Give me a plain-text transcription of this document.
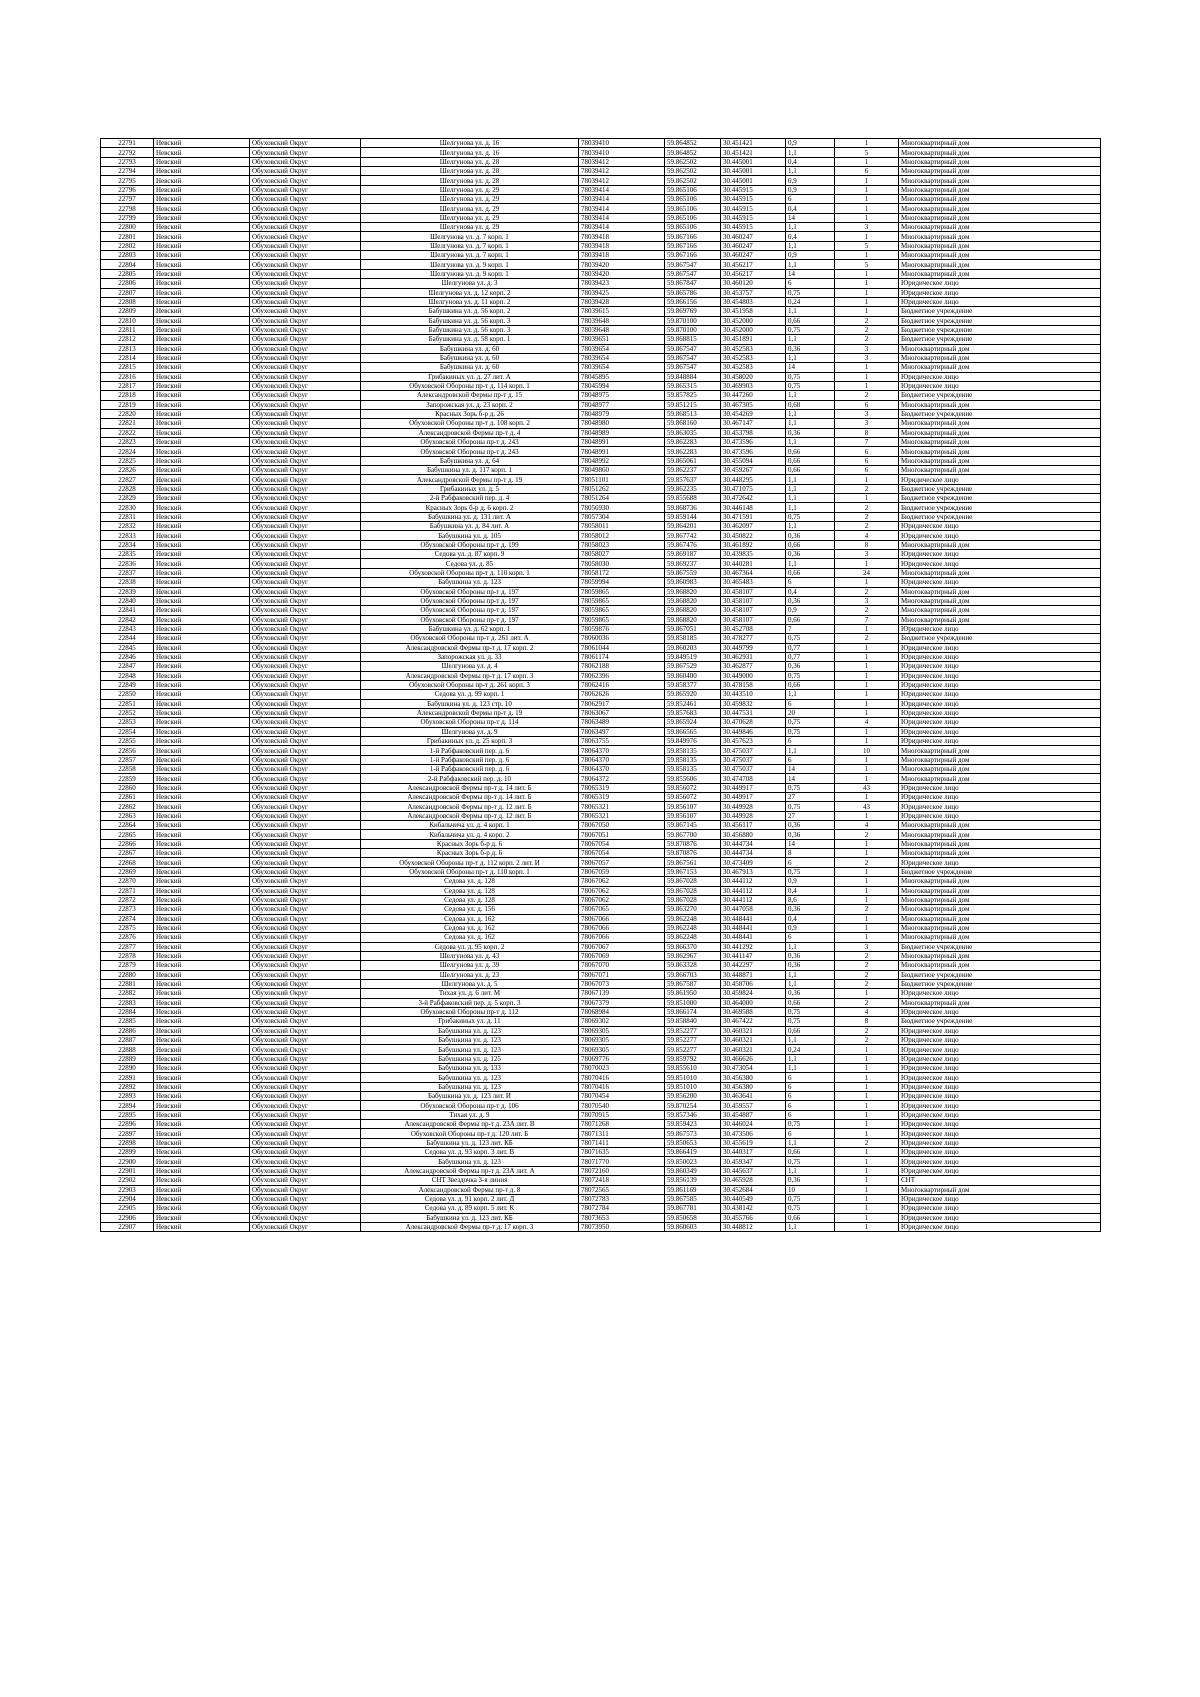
22791	Невский	Обуховский Округ	Шелгунова ул. д. 16	78039410	59.864852	30.451421	0,9	1	Многоквартирный дом
22792	Невский	Обуховский Округ	Шелгунова ул. д. 16	78039410	59.864852	30.451421	1,1	5	Многоквартирный дом
22793	Невский	Обуховский Округ	Шелгунова ул. д. 28	78039412	59.862502	30.445001	0,4	1	Многоквартирный дом
22794	Невский	Обуховский Округ	Шелгунова ул. д. 28	78039412	59.862502	30.445001	1,1	6	Многоквартирный дом
22795	Невский	Обуховский Округ	Шелгунова ул. д. 28	78039412	59.862502	30.445001	0,9	1	Многоквартирный дом
22796	Невский	Обуховский Округ	Шелгунова ул. д. 29	78039414	59.865106	30.445915	0,9	1	Многоквартирный дом
22797	Невский	Обуховский Округ	Шелгунова ул. д. 29	78039414	59.865106	30.445915	6	1	Многоквартирный дом
22798	Невский	Обуховский Округ	Шелгунова ул. д. 29	78039414	59.865106	30.445915	0,4	1	Многоквартирный дом
22799	Невский	Обуховский Округ	Шелгунова ул. д. 29	78039414	59.865106	30.445915	14	1	Многоквартирный дом
22800	Невский	Обуховский Округ	Шелгунова ул. д. 29	78039414	59.865106	30.445915	1,1	3	Многоквартирный дом
22801	Невский	Обуховский Округ	Шелгунова ул. д. 7 корп. 1	78039418	59.867166	30.460247	0,4	1	Многоквартирный дом
22802	Невский	Обуховский Округ	Шелгунова ул. д. 7 корп. 1	78039418	59.867166	30.460247	1,1	5	Многоквартирный дом
22803	Невский	Обуховский Округ	Шелгунова ул. д. 7 корп. 1	78039418	59.867166	30.460247	0,9	1	Многоквартирный дом
22804	Невский	Обуховский Округ	Шелгунова ул. д. 9 корп. 1	78039420	59.867547	30.456217	1,1	5	Многоквартирный дом
22805	Невский	Обуховский Округ	Шелгунова ул. д. 9 корп. 1	78039420	59.867547	30.456217	14	1	Многоквартирный дом
22806	Невский	Обуховский Округ	Шелгунова ул. д. 3	78039423	59.867847	30.460120	6	1	Юридическое лицо
22807	Невский	Обуховский Округ	Шелгунова ул. д. 12 корп. 2	78039425	59.865786	30.453757	0,75	1	Юридическое лицо
22808	Невский	Обуховский Округ	Шелгунова ул. д. 11 корп. 2	78039428	59.866156	30.454803	0,24	1	Юридическое лицо
22809	Невский	Обуховский Округ	Бабушкина ул. д. 56 корп. 2	78039615	59.869769	30.451958	1,1	1	Бюджетное учреждение
22810	Невский	Обуховский Округ	Бабушкина ул. д. 56 корп. 3	78039648	59.870100	30.452000	0,66	2	Бюджетное учреждение
22811	Невский	Обуховский Округ	Бабушкина ул. д. 56 корп. 3	78039648	59.870100	30.452000	0,75	2	Бюджетное учреждение
22812	Невский	Обуховский Округ	Бабушкина ул. д. 58 корп. 1	78039651	59.868815	30.451891	1,1	2	Бюджетное учреждение
22813	Невский	Обуховский Округ	Бабушкина ул. д. 60	78039654	59.867547	30.452583	0,36	3	Многоквартирный дом
22814	Невский	Обуховский Округ	Бабушкина ул. д. 60	78039654	59.867547	30.452583	1,1	3	Многоквартирный дом
22815	Невский	Обуховский Округ	Бабушкина ул. д. 60	78039654	59.867547	30.452583	14	1	Многоквартирный дом
22816	Невский	Обуховский Округ	Грибакиных ул. д. 27 лит. А	78045895	59.848884	30.458020	0,75	1	Юридическое лицо
22817	Невский	Обуховский Округ	Обуховской Обороны пр-т д. 114 корп. 1	78045994	59.865315	30.469903	0,75	1	Юридическое лицо
22818	Невский	Обуховский Округ	Александровской Фермы пр-т д. 15	78048975	59.857825	30.447260	1,1	2	Бюджетное учреждение
22819	Невский	Обуховский Округ	Запорожская ул. д. 23 корп. 2	78048977	59.851215	30.467305	0,68	6	Многоквартирный дом
22820	Невский	Обуховский Округ	Красных Зорь б-р д. 26	78048979	59.868513	30.454269	1,1	3	Бюджетное учреждение
22821	Невский	Обуховский Округ	Обуховской Обороны пр-т д. 108 корп. 2	78048980	59.868160	30.467147	1,1	3	Многоквартирный дом
22822	Невский	Обуховский Округ	Александровской Фермы пр-т д. 4	78048989	59.863035	30.453798	0,36	8	Многоквартирный дом
22823	Невский	Обуховский Округ	Обуховской Обороны пр-т д. 243	78048991	59.862283	30.473596	1,1	7	Многоквартирный дом
22824	Невский	Обуховский Округ	Обуховской Обороны пр-т д. 243	78048991	59.862283	30.473596	0,66	6	Многоквартирный дом
22825	Невский	Обуховский Округ	Бабушкина ул. д. 64	78048992	59.865061	30.455094	0,66	6	Многоквартирный дом
22826	Невский	Обуховский Округ	Бабушкина ул. д. 117 корп. 1	78049860	59.862237	30.459267	0,66	6	Многоквартирный дом
22827	Невский	Обуховский Округ	Александровской Фермы пр-т д. 19	78051101	59.857637	30.448295	1,1	1	Юридическое лицо
22828	Невский	Обуховский Округ	Грибакиных ул. д. 5	78051262	59.862235	30.471075	1,1	2	Бюджетное учреждение
22829	Невский	Обуховский Округ	2-й Рабфаковский пер. д. 4	78051264	59.855688	30.472642	1,1	1	Бюджетное учреждение
22830	Невский	Обуховский Округ	Красных Зорь б-р д. 6 корп. 2	78056930	59.868736	30.446148	1,1	2	Бюджетное учреждение
22831	Невский	Обуховский Округ	Бабушкина ул. д. 131 лит. А	78057304	59.859144	30.471591	0,75	2	Бюджетное учреждение
22832	Невский	Обуховский Округ	Бабушкина ул. д. 84 лит. А	78058011	59.864201	30.462097	1,1	2	Юридическое лицо
22833	Невский	Обуховский Округ	Бабушкина ул. д. 105	78058012	59.867742	30.450822	0,36	4	Юридическое лицо
22834	Невский	Обуховский Округ	Обуховской Обороны пр-т д. 199	78058023	59.867476	30.461892	0,66	8	Многоквартирный дом
22835	Невский	Обуховский Округ	Седова ул. д. 87 корп. 9	78058027	59.869187	30.439835	0,36	3	Юридическое лицо
22836	Невский	Обуховский Округ	Седова ул. д. 85	78058030	59.869237	30.440281	1,1	1	Юридическое лицо
22837	Невский	Обуховский Округ	Обуховской Обороны пр-т д. 110 корп. 1	78058172	59.867559	30.467364	0,66	24	Многоквартирный дом
22838	Невский	Обуховский Округ	Бабушкина ул. д. 123	78059994	59.860983	30.465483	6	1	Юридическое лицо
22839	Невский	Обуховский Округ	Обуховской Обороны пр-т д. 197	78059865	59.868820	30.458107	0,4	2	Многоквартирный дом
22840	Невский	Обуховский Округ	Обуховской Обороны пр-т д. 197	78059865	59.868820	30.458107	0,36	3	Многоквартирный дом
22841	Невский	Обуховский Округ	Обуховской Обороны пр-т д. 197	78059865	59.868820	30.458107	0,9	2	Многоквартирный дом
22842	Невский	Обуховский Округ	Обуховской Обороны пр-т д. 197	78059865	59.868820	30.458107	0,66	7	Многоквартирный дом
22843	Невский	Обуховский Округ	Бабушкина ул. д. 62 корп. 1	78059876	59.867051	30.452708	7	1	Юридическое лицо
22844	Невский	Обуховский Округ	Обуховской Обороны пр-т д. 261 лит. А	78060036	59.858185	30.478277	0,75	2	Бюджетное учреждение
22845	Невский	Обуховский Округ	Александровской Фермы пр-т д. 17 корп. 2	78061044	59.860203	30.449799	0,77	1	Юридическое лицо
22846	Невский	Обуховский Округ	Запорожская ул. д. 33	78061174	59.849519	30.462931	0,77	1	Юридическое лицо
22847	Невский	Обуховский Округ	Шелгунова ул. д. 4	78062188	59.867529	30.462877	0,36	1	Юридическое лицо
22848	Невский	Обуховский Округ	Александровской Фермы пр-т д. 17 корп. 3	78062396	59.860400	30.449000	0,75	1	Юридическое лицо
22849	Невский	Обуховский Округ	Обуховской Обороны пр-т д. 261 корп. 3	78062416	59.858377	30.478158	0,66	1	Юридическое лицо
22850	Невский	Обуховский Округ	Седова ул. д. 99 корп. 1	78062626	59.865920	30.443510	1,1	1	Юридическое лицо
22851	Невский	Обуховский Округ	Бабушкина ул. д. 123 стр. 10	78062917	59.852461	30.459832	6	1	Юридическое лицо
22852	Невский	Обуховский Округ	Александровской Фермы пр-т д. 19	78063067	59.857683	30.447531	20	1	Юридическое лицо
22853	Невский	Обуховский Округ	Обуховской Обороны пр-т д. 114	78063489	59.865924	30.470628	0,75	4	Юридическое лицо
22854	Невский	Обуховский Округ	Шелгунова ул. д. 9	78063497	59.866565	30.449846	0,75	1	Юридическое лицо
22855	Невский	Обуховский Округ	Грибакиных ул. д. 25 корп. 3	78063755	59.849976	30.457623	6	1	Юридическое лицо
22856	Невский	Обуховский Округ	1-й Рабфаковский пер. д. 6	78064370	59.858135	30.475037	1,1	10	Многоквартирный дом
22857	Невский	Обуховский Округ	1-й Рабфаковский пер. д. 6	78064370	59.858135	30.475037	6	1	Многоквартирный дом
22858	Невский	Обуховский Округ	1-й Рабфаковский пер. д. 6	78064370	59.858135	30.475037	14	1	Многоквартирный дом
22859	Невский	Обуховский Округ	2-й Рабфаковский пер. д. 10	78064372	59.855606	30.474708	14	1	Многоквартирный дом
22860	Невский	Обуховский Округ	Александровской Фермы пр-т д. 14 лит. Б	78065319	59.856072	30.449917	0,75	43	Юридическое лицо
22861	Невский	Обуховский Округ	Александровской Фермы пр-т д. 14 лит. Б	78065319	59.856072	30.449917	27	1	Юридическое лицо
22862	Невский	Обуховский Округ	Александровской Фермы пр-т д. 12 лит. Б	78065321	59.856107	30.449928	0,75	43	Юридическое лицо
22863	Невский	Обуховский Округ	Александровской Фермы пр-т д. 12 лит. Б	78065321	59.856107	30.449928	27	1	Юридическое лицо
22864	Невский	Обуховский Округ	Кибальчича ул. д. 4 корп. 1	78067050	59.867145	30.456117	0,36	4	Многоквартирный дом
22865	Невский	Обуховский Округ	Кибальчича ул. д. 4 корп. 2	78067051	59.867700	30.456880	0,36	2	Многоквартирный дом
22866	Невский	Обуховский Округ	Красных Зорь б-р д. 6	78067054	59.870876	30.444734	14	1	Многоквартирный дом
22867	Невский	Обуховский Округ	Красных Зорь б-р д. 6	78067054	59.870876	30.444734	8	1	Многоквартирный дом
22868	Невский	Обуховский Округ	Обуховской Обороны пр-т д. 112 корп. 2 лит. И	78067057	59.867561	30.473409	6	2	Юридическое лицо
22869	Невский	Обуховский Округ	Обуховской Обороны пр-т д. 110 корп. 1	78067059	59.867153	30.467913	0,75	1	Бюджетное учреждение
22870	Невский	Обуховский Округ	Седова ул. д. 128	78067062	59.867028	30.444112	0,9	1	Многоквартирный дом
22871	Невский	Обуховский Округ	Седова ул. д. 128	78067062	59.867028	30.444112	0,4	1	Многоквартирный дом
22872	Невский	Обуховский Округ	Седова ул. д. 128	78067062	59.867028	30.444112	8,6	1	Многоквартирный дом
22873	Невский	Обуховский Округ	Седова ул. д. 156	78067065	59.863270	30.447058	0,36	2	Многоквартирный дом
22874	Невский	Обуховский Округ	Седова ул. д. 162	78067066	59.862248	30.448441	0,4	1	Многоквартирный дом
22875	Невский	Обуховский Округ	Седова ул. д. 162	78067066	59.862248	30.448441	0,9	1	Многоквартирный дом
22876	Невский	Обуховский Округ	Седова ул. д. 162	78067066	59.862248	30.448441	6	1	Многоквартирный дом
22877	Невский	Обуховский Округ	Седова ул. д. 95 корп. 2	78067067	59.866370	30.441292	1,1	3	Бюджетное учреждение
22878	Невский	Обуховский Округ	Шелгунова ул. д. 43	78067069	59.862967	30.441147	0,36	2	Многоквартирный дом
22879	Невский	Обуховский Округ	Шелгунова ул. д. 39	78067070	59.863328	30.442297	0,36	2	Многоквартирный дом
22880	Невский	Обуховский Округ	Шелгунова ул. д. 23	78067071	59.866703	30.448871	1,1	2	Бюджетное учреждение
22881	Невский	Обуховский Округ	Шелгунова ул. д. 5	78067073	59.867587	30.458706	1,1	2	Бюджетное учреждение
22882	Невский	Обуховский Округ	Тихая ул. д. 6 лит. М	78067139	59.861950	30.459824	0,36	1	Юридическое лицо
22883	Невский	Обуховский Округ	3-й Рабфаковский пер. д. 5 корп. 3	78067379	59.851000	30.464000	0,66	2	Многоквартирный дом
22884	Невский	Обуховский Округ	Обуховской Обороны пр-т д. 112	78068984	59.866174	30.469588	0,75	4	Юридическое лицо
22885	Невский	Обуховский Округ	Грибакиных ул. д. 11	78069302	59.858840	30.467422	0,75	8	Бюджетное учреждение
22886	Невский	Обуховский Округ	Бабушкина ул. д. 123	78069305	59.852277	30.460321	0,66	2	Юридическое лицо
22887	Невский	Обуховский Округ	Бабушкина ул. д. 123	78069305	59.852277	30.460321	1,1	2	Юридическое лицо
22888	Невский	Обуховский Округ	Бабушкина ул. д. 123	78069305	59.852277	30.460321	0,24	1	Юридическое лицо
22889	Невский	Обуховский Округ	Бабушкина ул. д. 125	78069776	59.859792	30.466626	1,1	1	Юридическое лицо
22890	Невский	Обуховский Округ	Бабушкина ул. д. 133	78070023	59.855610	30.473054	1,1	1	Юридическое лицо
22891	Невский	Обуховский Округ	Бабушкина ул. д. 123	78070416	59.851010	30.456380	6	1	Юридическое лицо
22892	Невский	Обуховский Округ	Бабушкина ул. д. 123	78070416	59.851010	30.456380	6	1	Юридическое лицо
22893	Невский	Обуховский Округ	Бабушкина ул. д. 123 лит. И	78070454	59.856200	30.463641	6	1	Юридическое лицо
22894	Невский	Обуховский Округ	Обуховской Обороны пр-т д. 106	78070540	59.870254	30.459557	6	1	Юридическое лицо
22895	Невский	Обуховский Округ	Тихая ул. д. 9	78070915	59.857346	30.454887	6	1	Юридическое лицо
22896	Невский	Обуховский Округ	Александровской Фермы пр-т д. 23А лит. В	78071268	59.859423	30.446024	0,75	1	Юридическое лицо
22897	Невский	Обуховский Округ	Обуховской Обороны пр-т д. 120 лит. Б	78071311	59.867573	30.473506	6	1	Юридическое лицо
22898	Невский	Обуховский Округ	Бабушкина ул. д. 123 лит. КБ	78071411	59.850653	30.455619	1,1	2	Юридическое лицо
22899	Невский	Обуховский Округ	Седова ул. д. 93 корп. 3 лит. В	78071635	59.866419	30.440317	0,66	1	Юридическое лицо
22900	Невский	Обуховский Округ	Бабушкина ул. д. 123	78071770	59.850023	30.459347	0,75	1	Юридическое лицо
22901	Невский	Обуховский Округ	Александровской Фермы пр-т д. 23А лит. А	78072160	59.860349	30.445637	1,1	1	Юридическое лицо
22902	Невский	Обуховский Округ	СНТ Звездочка 3-я линия	78072418	59.856139	30.465928	0,36	1	СНТ
22903	Невский	Обуховский Округ	Александровской Фермы пр-т д. 8	78072565	59.861169	30.452684	10	1	Многоквартирный дом
22904	Невский	Обуховский Округ	Седова ул. д. 91 корп. 2 лит. Д	78072783	59.867585	30.440549	0,75	1	Юридическое лицо
22905	Невский	Обуховский Округ	Седова ул. д. 89 корп. 5 лит. К	78072784	59.867781	30.438142	0,75	1	Юридическое лицо
22906	Невский	Обуховский Округ	Бабушкина ул. д. 123 лит. КБ	78073653	59.850658	30.455766	0,66	1	Юридическое лицо
22907	Невский	Обуховский Округ	Александровской Фермы пр-т д. 17 корп. 3	78073950	59.860603	30.448812	1,1	1	Юридическое лицо
